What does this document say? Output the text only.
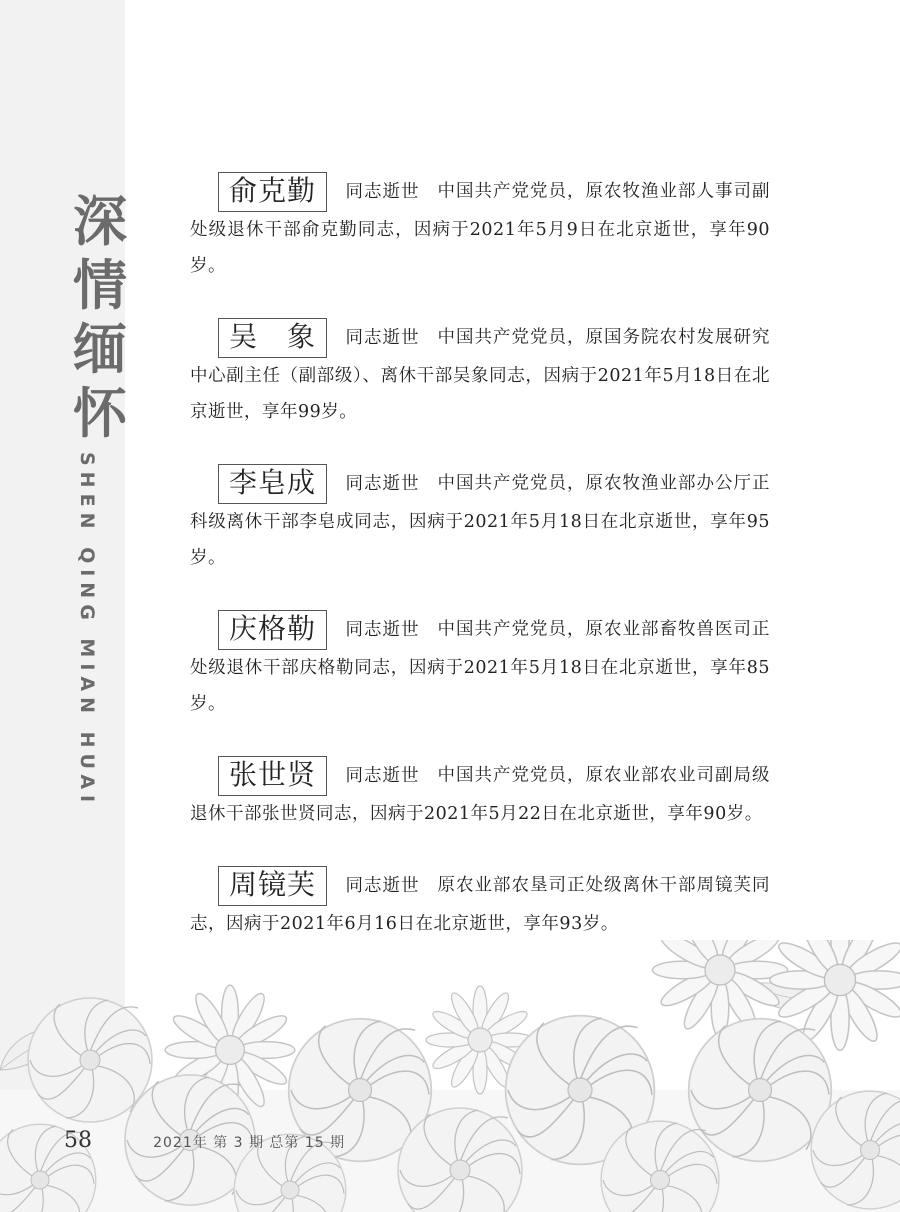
深
情
缅
怀
SHEN QING MIAN HUAI

俞克勤 同志逝世 中国共产党党员，原农牧渔业部人事司副处级退休干部俞克勤同志，因病于2021年5月9日在北京逝世，享年90岁。

吴　象 同志逝世 中国共产党党员，原国务院农村发展研究中心副主任（副部级）、离休干部吴象同志，因病于2021年5月18日在北京逝世，享年99岁。

李皂成 同志逝世 中国共产党党员，原农牧渔业部办公厅正科级离休干部李皂成同志，因病于2021年5月18日在北京逝世，享年95岁。

庆格勒 同志逝世 中国共产党党员，原农业部畜牧兽医司正处级退休干部庆格勒同志，因病于2021年5月18日在北京逝世，享年85岁。

张世贤 同志逝世 中国共产党党员，原农业部农业司副局级退休干部张世贤同志，因病于2021年5月22日在北京逝世，享年90岁。

周镜芙 同志逝世 原农业部农垦司正处级离休干部周镜芙同志，因病于2021年6月16日在北京逝世，享年93岁。

58	2021年 第 3 期 总第 15 期
